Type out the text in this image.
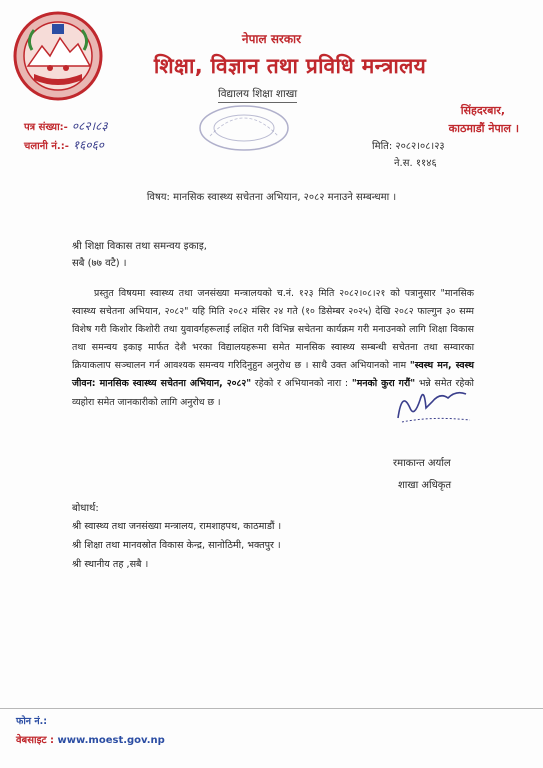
नेपाल सरकार
शिक्षा, विज्ञान तथा प्रविधि मन्त्रालय
विद्यालय शिक्षा शाखा
सिंहदरबार,
काठमाडौं नेपाल ।
पत्र संख्या:- ०८२।८३
चलानी नं.:- १६०६०	मिति: २०८२।०८।२३
ने.स. ११४६
विषय: मानसिक स्वास्थ्य सचेतना अभियान, २०८२ मनाउने सम्बन्धमा ।
श्री शिक्षा विकास तथा समन्वय इकाइ,
सबै (७७ वटै) ।
प्रस्तुत विषयमा स्वास्थ्य तथा जनसंख्या मन्त्रालयको च.नं. १२३ मिति २०८२।०८।२१ को पत्रानुसार "मानसिक स्वास्थ्य सचेतना अभियान, २०८२" यहि मिति २०८२ मंसिर २४ गते (१० डिसेम्बर २०२५) देखि २०८२ फाल्गुन ३० सम्म विशेष गरी किशोर किशोरी तथा युवावर्गहरूलाई लक्षित गरी विभिन्न सचेतना कार्यक्रम गरी मनाउनको लागि शिक्षा विकास तथा समन्वय इकाइ मार्फत देशै भरका विद्यालयहरूमा समेत मानसिक स्वास्थ्य सम्बन्धी सचेतना तथा सम्वारका क्रियाकलाप सञ्चालन गर्न आवश्यक समन्वय गरिदिनुहुन अनुरोध छ । साथै उक्त अभियानको नाम "स्वस्थ मन, स्वस्थ जीवन: मानसिक स्वास्थ्य सचेतना अभियान, २०८२" रहेको र अभियानको नारा : "मनको कुरा गरौं" भन्ने समेत रहेको व्यहोरा समेत जानकारीको लागि अनुरोध छ ।
रमाकान्त अर्याल
शाखा अधिकृत
बोधार्थ:
श्री स्वास्थ्य तथा जनसंख्या मन्त्रालय, रामशाहपथ, काठमाडौं ।
श्री शिक्षा तथा मानवस्रोत विकास केन्द्र, सानोठिमी, भक्तपुर ।
श्री स्थानीय तह ,सबै ।
फोन नं.:
वेबसाइट : www.moest.gov.np
